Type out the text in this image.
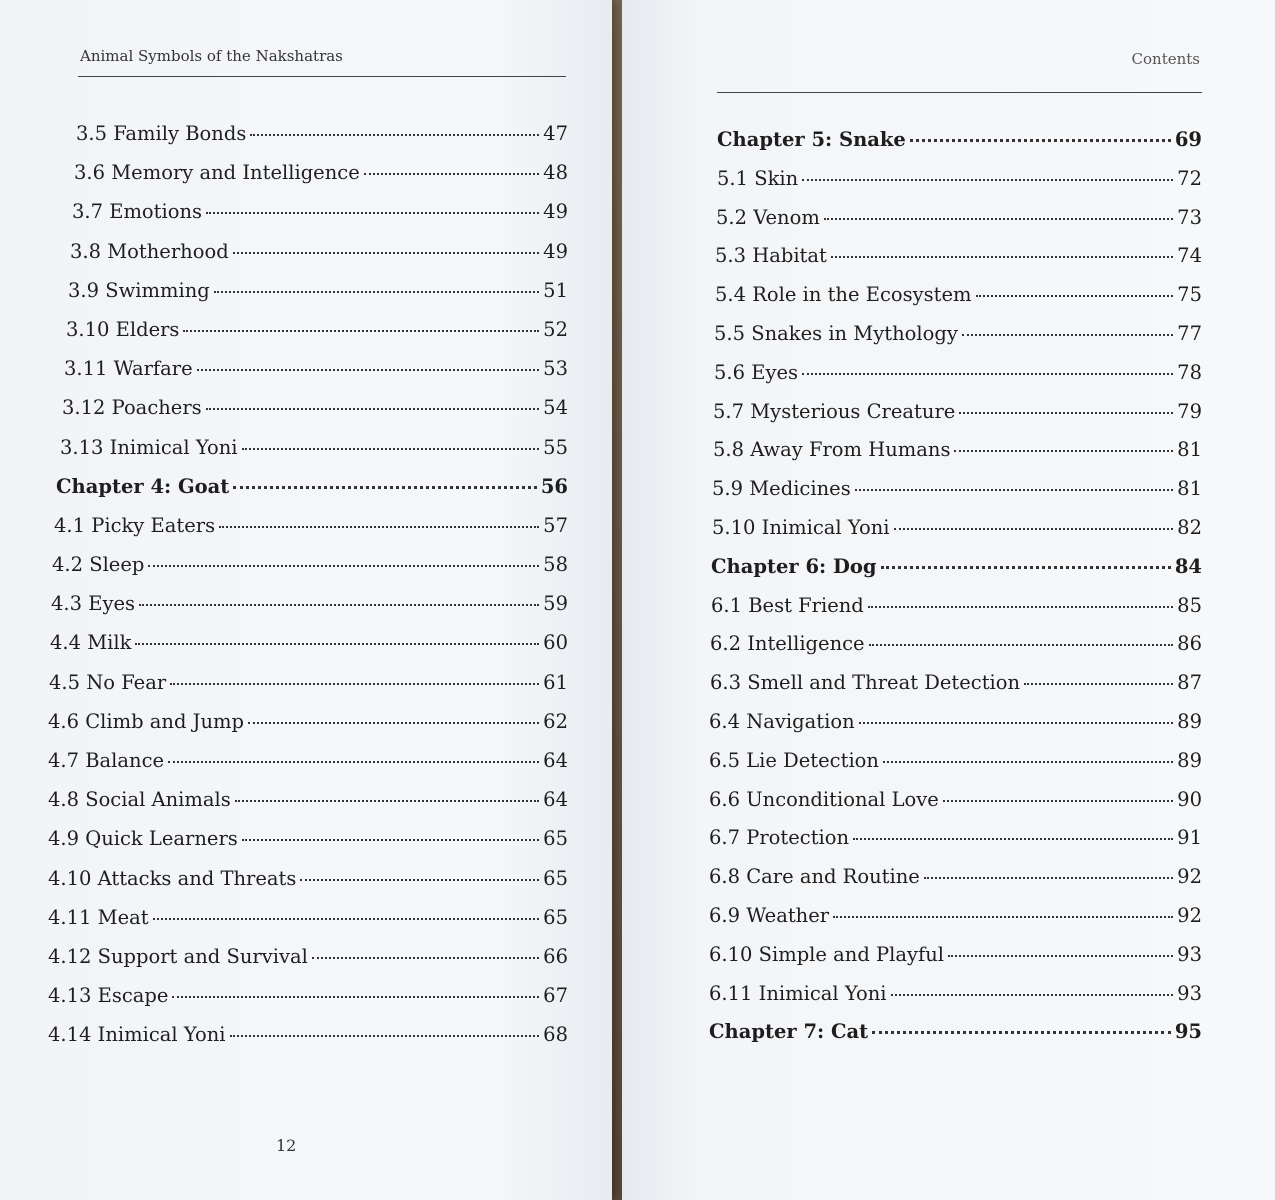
Animal Symbols of the Nakshatras
3.5 Family Bonds	47
3.6 Memory and Intelligence	48
3.7 Emotions	49
3.8 Motherhood	49
3.9 Swimming	51
3.10 Elders	52
3.11 Warfare	53
3.12 Poachers	54
3.13 Inimical Yoni	55
Chapter 4: Goat	56
4.1 Picky Eaters	57
4.2 Sleep	58
4.3 Eyes	59
4.4 Milk	60
4.5 No Fear	61
4.6 Climb and Jump	62
4.7 Balance	64
4.8 Social Animals	64
4.9 Quick Learners	65
4.10 Attacks and Threats	65
4.11 Meat	65
4.12 Support and Survival	66
4.13 Escape	67
4.14 Inimical Yoni	68
12
Contents
Chapter 5: Snake	69
5.1 Skin	72
5.2 Venom	73
5.3 Habitat	74
5.4 Role in the Ecosystem	75
5.5 Snakes in Mythology	77
5.6 Eyes	78
5.7 Mysterious Creature	79
5.8 Away From Humans	81
5.9 Medicines	81
5.10 Inimical Yoni	82
Chapter 6: Dog	84
6.1 Best Friend	85
6.2 Intelligence	86
6.3 Smell and Threat Detection	87
6.4 Navigation	89
6.5 Lie Detection	89
6.6 Unconditional Love	90
6.7 Protection	91
6.8 Care and Routine	92
6.9 Weather	92
6.10 Simple and Playful	93
6.11 Inimical Yoni	93
Chapter 7: Cat	95
